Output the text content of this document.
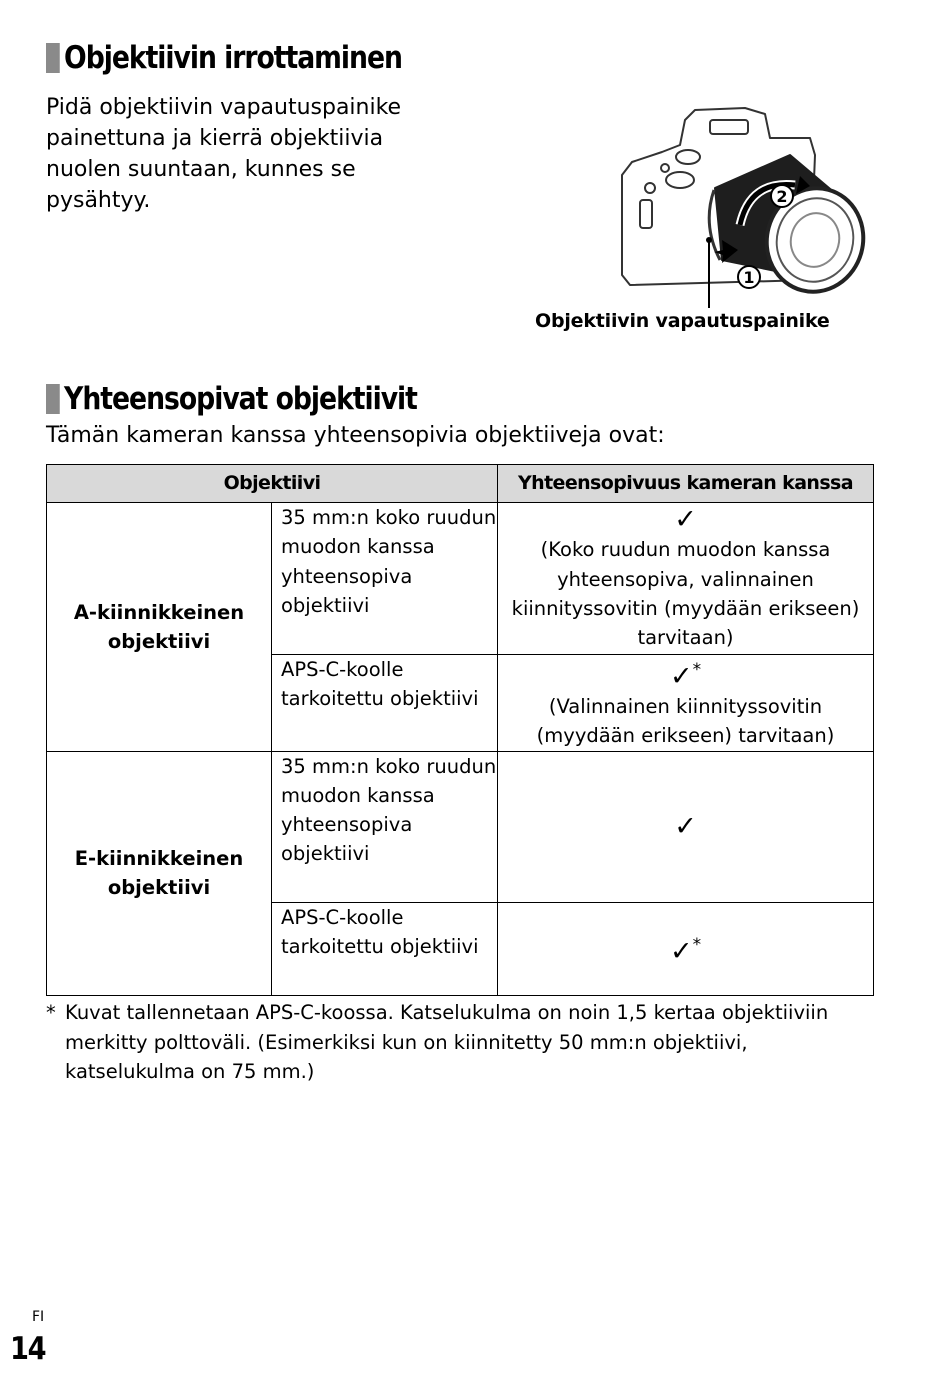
Objektiivin irrottaminen

Pidä objektiivin vapautuspainike painettuna ja kierrä objektiivia nuolen suuntaan, kunnes se pysähtyy.	2
1

Objektiivin vapautuspainike

Yhteensopivat objektiivit

Tämän kameran kanssa yhteensopivia objektiiveja ovat:

Objektiivi		Yhteensopivuus kameran kanssa
A-kiinnikkeinen objektiivi	35 mm:n koko ruudun muodon kanssa yhteensopiva objektiivi	✓
(Koko ruudun muodon kanssa yhteensopiva, valinnainen kiinnityssovitin (myydään erikseen) tarvitaan)
	APS-C-koolle tarkoitettu objektiivi	✓*
(Valinnainen kiinnityssovitin (myydään erikseen) tarvitaan)
E-kiinnikkeinen objektiivi	35 mm:n koko ruudun muodon kanssa yhteensopiva objektiivi	✓

	APS-C-koolle tarkoitettu objektiivi	✓*

* Kuvat tallennetaan APS-C-koossa. Katselukulma on noin 1,5 kertaa objektiiviin merkitty polttoväli. (Esimerkiksi kun on kiinnitetty 50 mm:n objektiivi, katselukulma on 75 mm.)

FI

14
